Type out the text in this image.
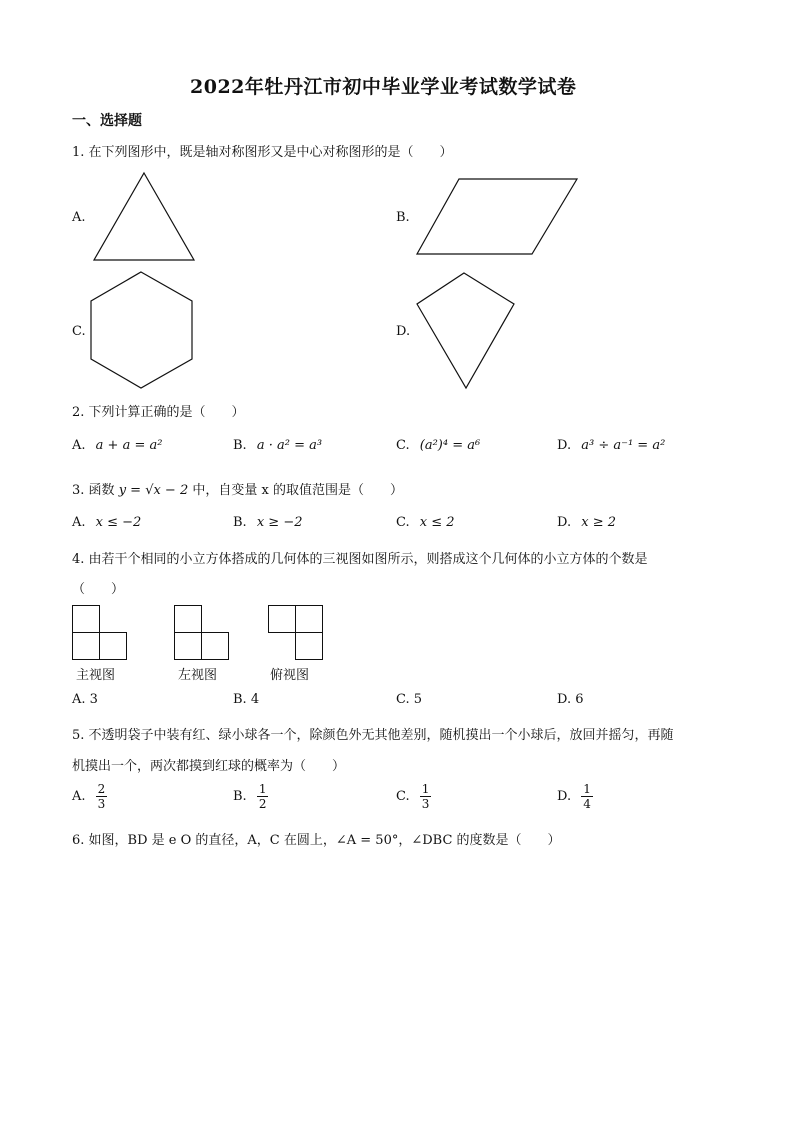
2022年牡丹江市初中毕业学业考试数学试卷
一、选择题
1. 在下列图形中，既是轴对称图形又是中心对称图形的是（　　）
A.	B.
C.	D.
2. 下列计算正确的是（　　）
A. a + a = a²	B. a · a² = a³	C. (a²)⁴ = a⁶	D. a³ ÷ a⁻¹ = a²
3. 函数 y = √x − 2 中，自变量 x 的取值范围是（　　）
A. x ≤ −2	B. x ≥ −2	C. x ≤ 2	D. x ≥ 2
4. 由若干个相同的小立方体搭成的几何体的三视图如图所示，则搭成这个几何体的小立方体的个数是
（　　）
主视图	左视图	俯视图
A. 3	B. 4	C. 5	D. 6
5. 不透明袋子中装有红、绿小球各一个，除颜色外无其他差别，随机摸出一个小球后，放回并摇匀，再随
机摸出一个，两次都摸到红球的概率为（　　）
A. $\frac{2}{3}$	B. $\frac{1}{2}$	C. $\frac{1}{3}$	D. $\frac{1}{4}$
6. 如图，BD 是 e O 的直径，A，C 在圆上，∠A = 50°，∠DBC 的度数是（　　）
